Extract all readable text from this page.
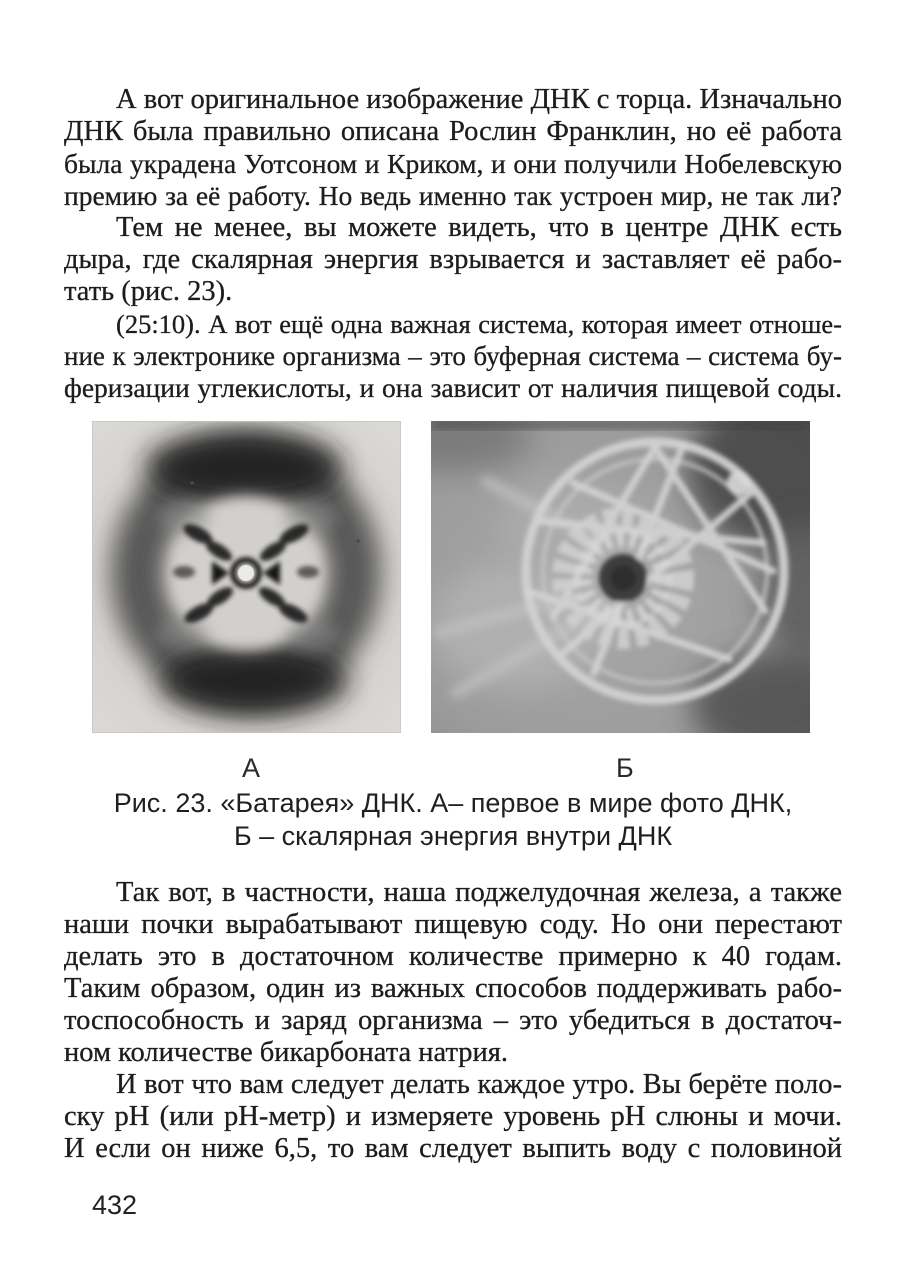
А вот оригинальное изображение ДНК с торца. Изначально
ДНК была правильно описана Рослин Франклин, но её работа
была украдена Уотсоном и Криком, и они получили Нобелевскую
премию за её работу. Но ведь именно так устроен мир, не так ли?
Тем не менее, вы можете видеть, что в центре ДНК есть
дыра, где скалярная энергия взрывается и заставляет её рабо-
тать (рис. 23).
(25:10). А вот ещё одна важная система, которая имеет отноше-
ние к электронике организма – это буферная система – система бу-
феризации углекислоты, и она зависит от наличия пищевой соды.
А	Б
Рис. 23. «Батарея» ДНК. А– первое в мире фото ДНК,
Б – скалярная энергия внутри ДНК
Так вот, в частности, наша поджелудочная железа, а также
наши почки вырабатывают пищевую соду. Но они перестают
делать это в достаточном количестве примерно к 40 годам.
Таким образом, один из важных способов поддерживать рабо-
тоспособность и заряд организма – это убедиться в достаточ-
ном количестве бикарбоната натрия.
И вот что вам следует делать каждое утро. Вы берёте поло-
ску pH (или pH-метр) и измеряете уровень pH слюны и мочи.
И если он ниже 6,5, то вам следует выпить воду с половиной
432
